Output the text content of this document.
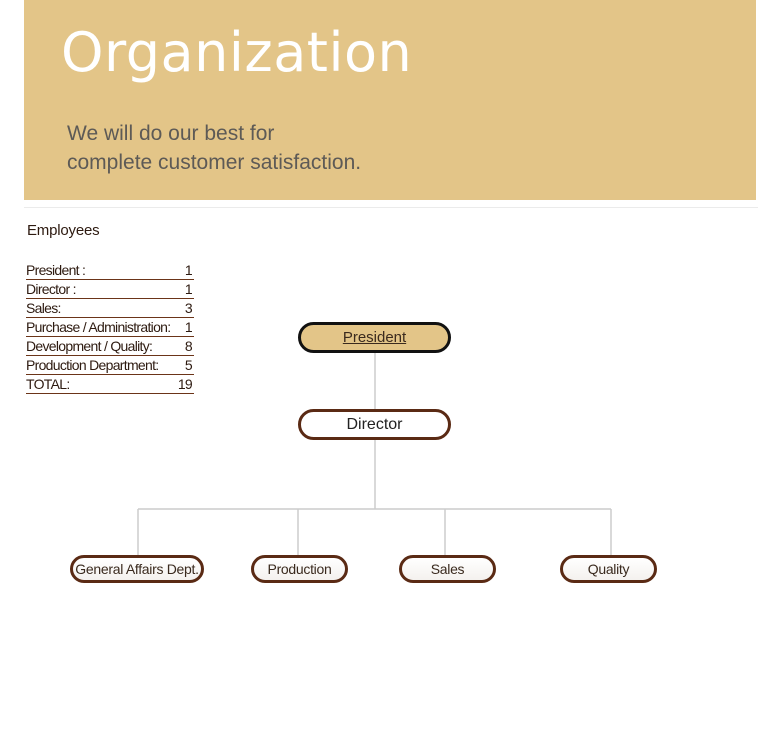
Organization
We will do our best for
complete customer satisfaction.
Employees
President :	1
Director :	1
Sales:	3
Purchase / Administration: 1
Development / Quality: 8
Production Department: 5
TOTAL:	19
President
Director
General Affairs Dept.	Production	Sales	Quality
